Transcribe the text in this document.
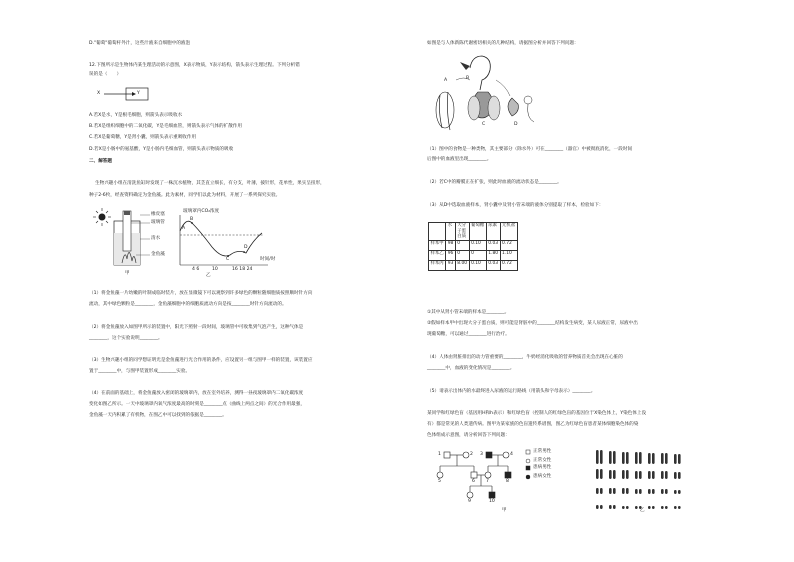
D."葡萄"葡萄杆外汁，这些汁液来自细胞中的液泡
12.下图所示是生物体内某生理活动的示意图，X表示物质，Y表示结构，箭头表示生理过程。下列分析错
误的是（　　）
X	Y
A.若X是水，Y是根毛细胞，则箭头表示吸收水
B.若X是组织细胞中的二氧化碳，Y是毛细血管，则箭头表示气体的扩散作用
C.若X是葡萄糖，Y是肾小囊，则箭头表示重吸收作用
D.若X是小肠中的氨基酸，Y是小肠内毛细血管，则箭头表示物质的吸收
二、解答题
生物兴趣小组在清洗鱼缸时发现了一株沉水植物，其茎直立细长，有分支，叶薄，披针形，花单性，果实呈扭形，
种子2-6枚，经查资料确定为金鱼藻。此为素材，同学们以此为材料，开展了一系列探究实验。
橡皮塞
玻璃管
清水
金鱼藻
甲
玻璃罩内CO₂浓度
A
B
C
D
4 6	10	16 18 24
时间/时
乙
（1）将金鱼藻一片幼嫩的叶制成临时装片，放在显微镜下可以观察到许多绿色的颗粒随细胞质按照顺时针方向
流动，其中绿色颗粒是________，金鱼藻细胞中的细胞质流动方向是按________时针方向流动的。
（2）将金鱼藻放入如图甲所示的装置中，阳光下照射一段时间，玻璃管中可收集到气泡产生，这种气体是
________，这个实验说明________。
（3）生物兴趣小组的同学想证明光是金鱼藻进行光合作用的条件，应设置另一组与图甲一样的装置，该装置应
置于________中，与图甲装置形成________实验。
（4）在前面的基础上，将金鱼藻放入密闭的玻璃罩内，放在室外培养，测得一昼夜玻璃罩内二氧化碳浓度
变化如图乙所示。一天中玻璃罩内氧气浓度最高的时刻是________点（曲线上两点之间）的光合作用最强，
金鱼藻一天内积累了有机物，在图乙中可以找到的依据是________。
如图是与人体新陈代谢密切相关的几种结构，请据图分析并回答下列问题：
A	B
C	D
（1）图中的食物是一种类物，其主要部分（除水外）可在________（器官）中被彻底消化，一段时间
后图中的血液里出现________。
（2）若C中的瓣膜正在扩张，则此时血液的流动状态是________。
（3）从D中选取血液样本，肾小囊中及肾小管末端的液体分别提取了样本，检验如下：
	水	大分子蛋白质	葡萄糖	尿素	无机盐
样本甲	98	0	0.10	0.03	0.72
样本乙	96	0	0	1.80	1.10
样本丙	93	8.00	0.10	0.03	0.72
①其中从肾小管末端的样本是________。
②假如样本甲中出现大分子蛋白质，则可能是肾脏中的________结构发生病变，某人尿液正常，尿液中出
现葡萄糖，可以通过________进行治疗。
（4）人体由肾脏排出的动力管重要的________，牛奶经消化吸收的营养物质首先会出现在心脏的
________中，血液的变化情况是________。
（5）请表示出体内的水最终进入尿液的运行路线（用箭头和字母表示）________。
某同学和红绿色盲（基因用H和h表示）和红绿色盲（控制人的红绿色盲的基因位于X染色体上，Y染色体上没
有）都是常见的人类遗传病。图甲为某家族的色盲遗传系谱图，图乙为红绿色盲患者某体细胞染色体的染
色体组成示意图，请分析回答下列问题：
正常男性
正常女性
患病男性
患病女性
1	2 3	4
5	6 7	8
9	10
甲	乙
